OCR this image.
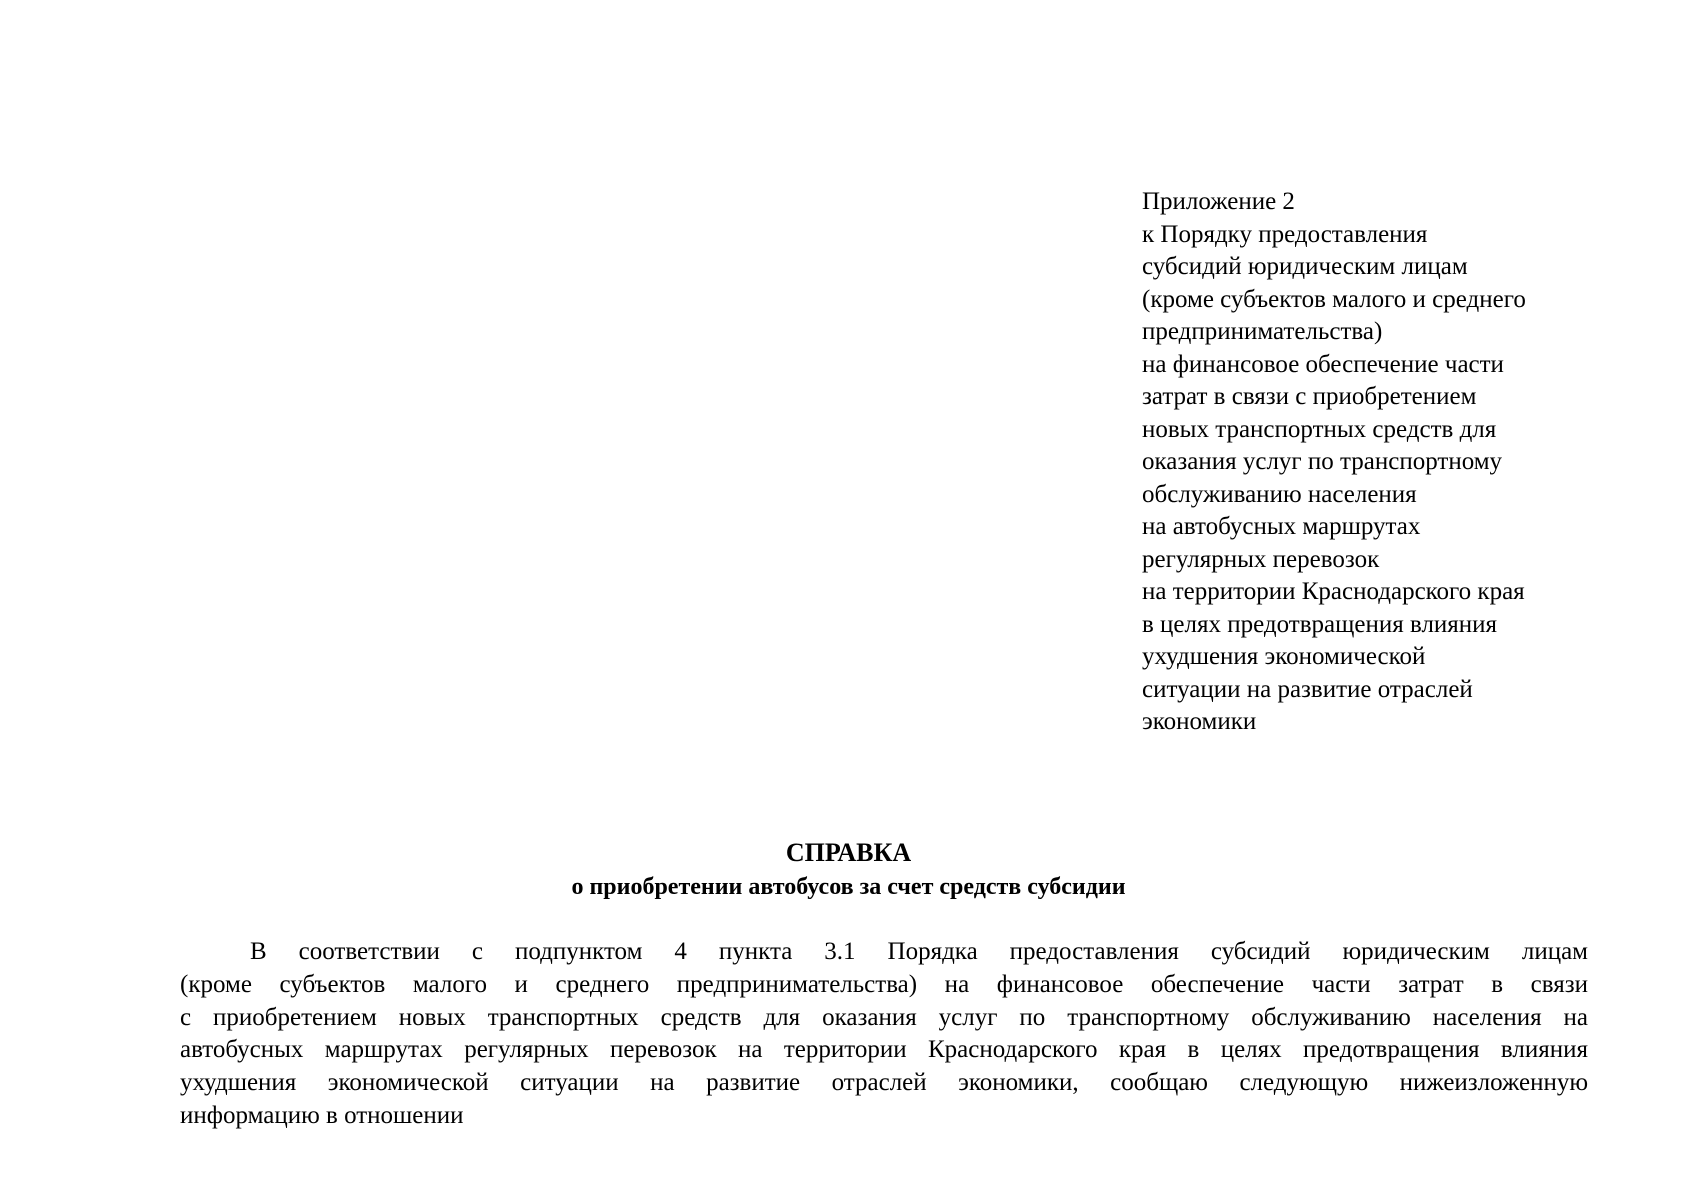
Приложение 2
к Порядку предоставления
субсидий юридическим лицам
(кроме субъектов малого и среднего
предпринимательства)
на финансовое обеспечение части
затрат в связи с приобретением
новых транспортных средств для
оказания услуг по транспортному
обслуживанию населения
на автобусных маршрутах
регулярных перевозок
на территории Краснодарского края
в целях предотвращения влияния
ухудшения экономической
ситуации на развитие отраслей
экономики
СПРАВКА
о приобретении автобусов за счет средств субсидии
В соответствии с подпунктом 4 пункта 3.1 Порядка предоставления субсидий юридическим лицам
(кроме субъектов малого и среднего предпринимательства) на финансовое обеспечение части затрат в связи
с приобретением новых транспортных средств для оказания услуг по транспортному обслуживанию населения на
автобусных маршрутах регулярных перевозок на территории Краснодарского края в целях предотвращения влияния
ухудшения экономической ситуации на развитие отраслей экономики, сообщаю следующую нижеизложенную
информацию в отношении
